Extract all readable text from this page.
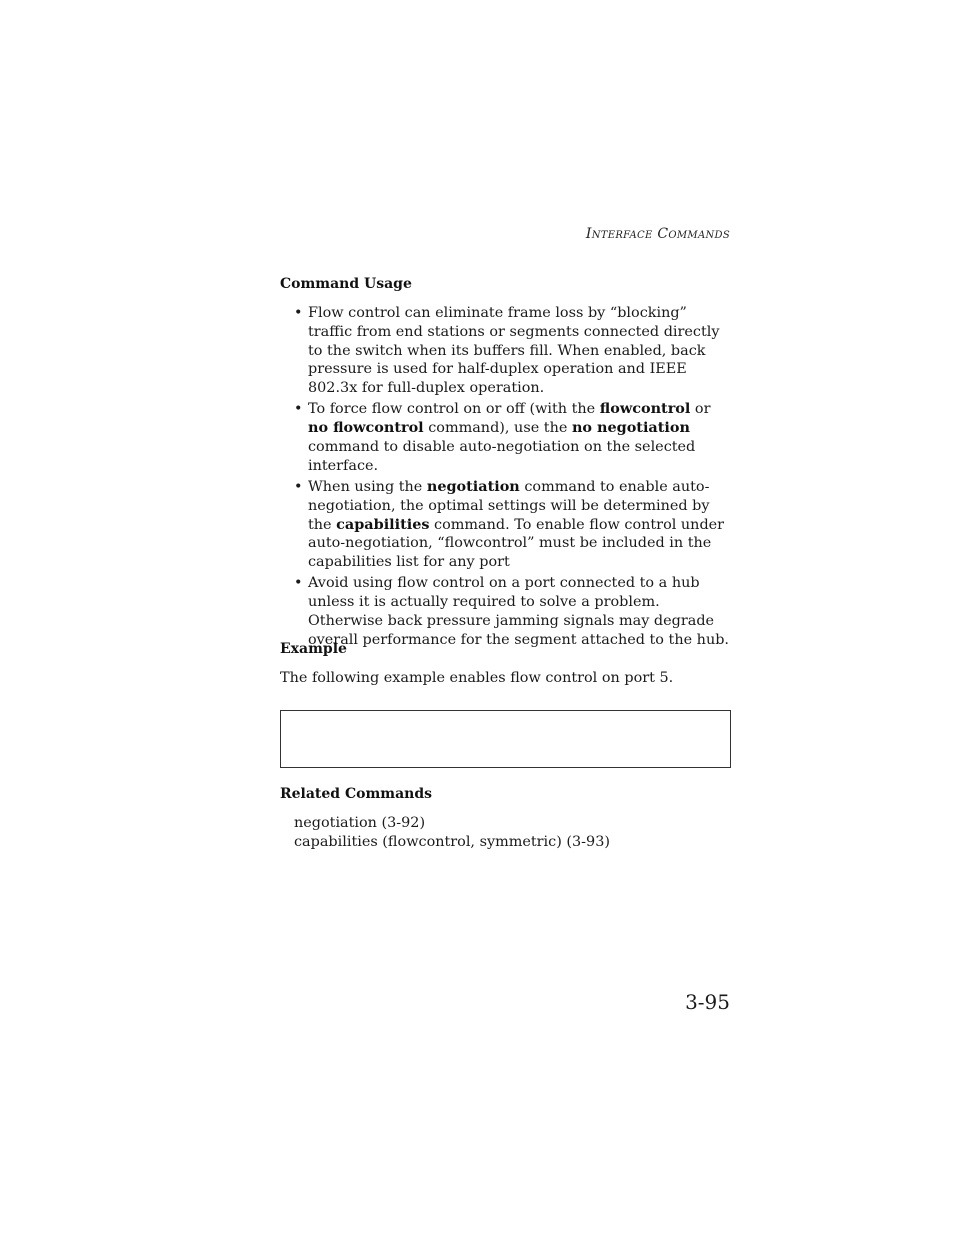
Interface Commands
Command Usage
• Flow control can eliminate frame loss by “blocking” traffic from end stations or segments connected directly to the switch when its buffers fill. When enabled, back pressure is used for half-duplex operation and IEEE 802.3x for full-duplex operation.
• To force flow control on or off (with the flowcontrol or no flowcontrol command), use the no negotiation command to disable auto-negotiation on the selected interface.
• When using the negotiation command to enable auto-negotiation, the optimal settings will be determined by the capabilities command. To enable flow control under auto-negotiation, “flowcontrol” must be included in the capabilities list for any port
• Avoid using flow control on a port connected to a hub unless it is actually required to solve a problem. Otherwise back pressure jamming signals may degrade overall performance for the segment attached to the hub.
Example
The following example enables flow control on port 5.
Related Commands
negotiation (3-92)
capabilities (flowcontrol, symmetric) (3-93)
3-95
